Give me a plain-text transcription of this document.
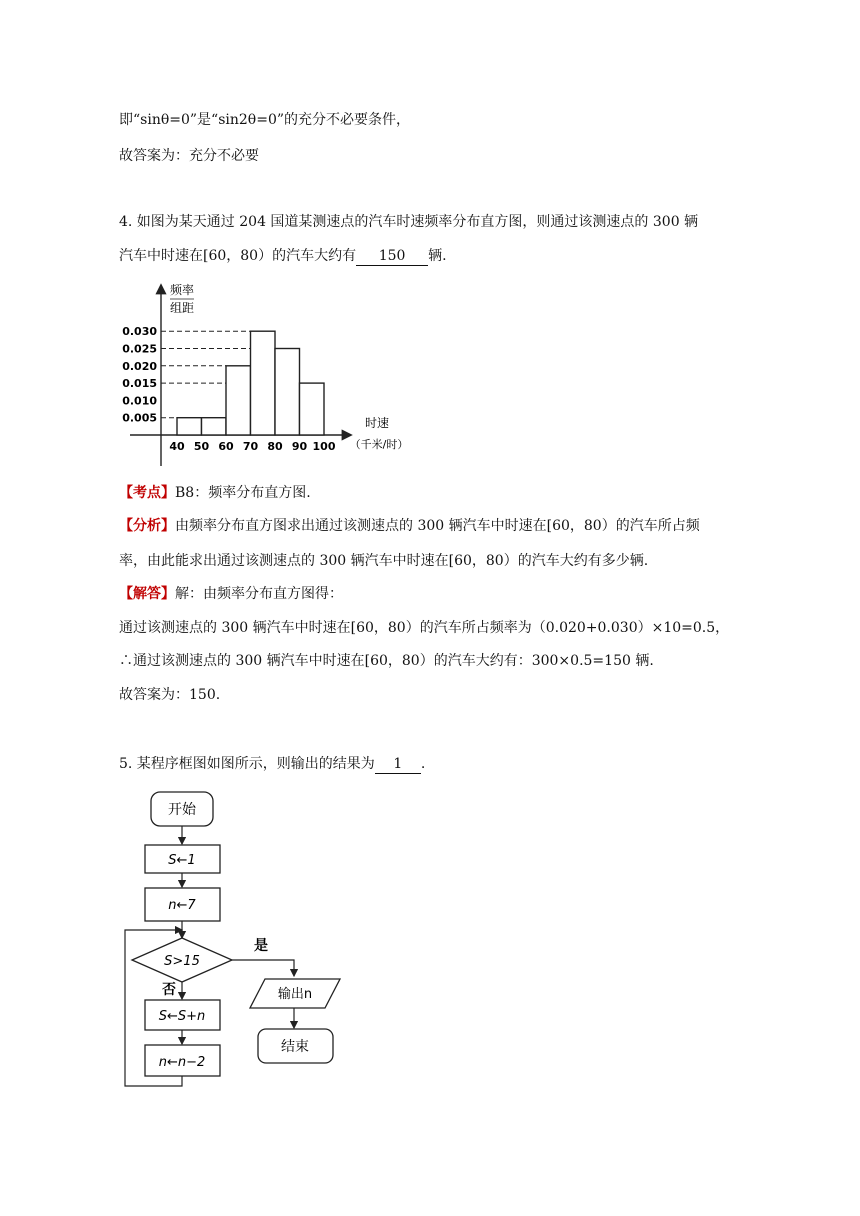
即“sinθ=0”是“sin2θ=0”的充分不必要条件，
故答案为：充分不必要
4. 如图为某天通过 204 国道某测速点的汽车时速频率分布直方图，则通过该测速点的 300 辆
汽车中时速在[60，80）的汽车大约有 150 辆.
频率
组距
时速
（千米/时）
0.005
0.010
0.015
0.020
0.025
0.030
40 50 60 70 80 90 100
【考点】B8：频率分布直方图.
【分析】由频率分布直方图求出通过该测速点的 300 辆汽车中时速在[60，80）的汽车所占频
率，由此能求出通过该测速点的 300 辆汽车中时速在[60，80）的汽车大约有多少辆.
【解答】解：由频率分布直方图得：
通过该测速点的 300 辆汽车中时速在[60，80）的汽车所占频率为（0.020+0.030）×10=0.5，
∴通过该测速点的 300 辆汽车中时速在[60，80）的汽车大约有：300×0.5=150 辆.
故答案为：150.
5. 某程序框图如图所示，则输出的结果为 1 .
开始
S←1
n←7
S>15
是
输出n
结束
否
S←S+n
n←n−2
